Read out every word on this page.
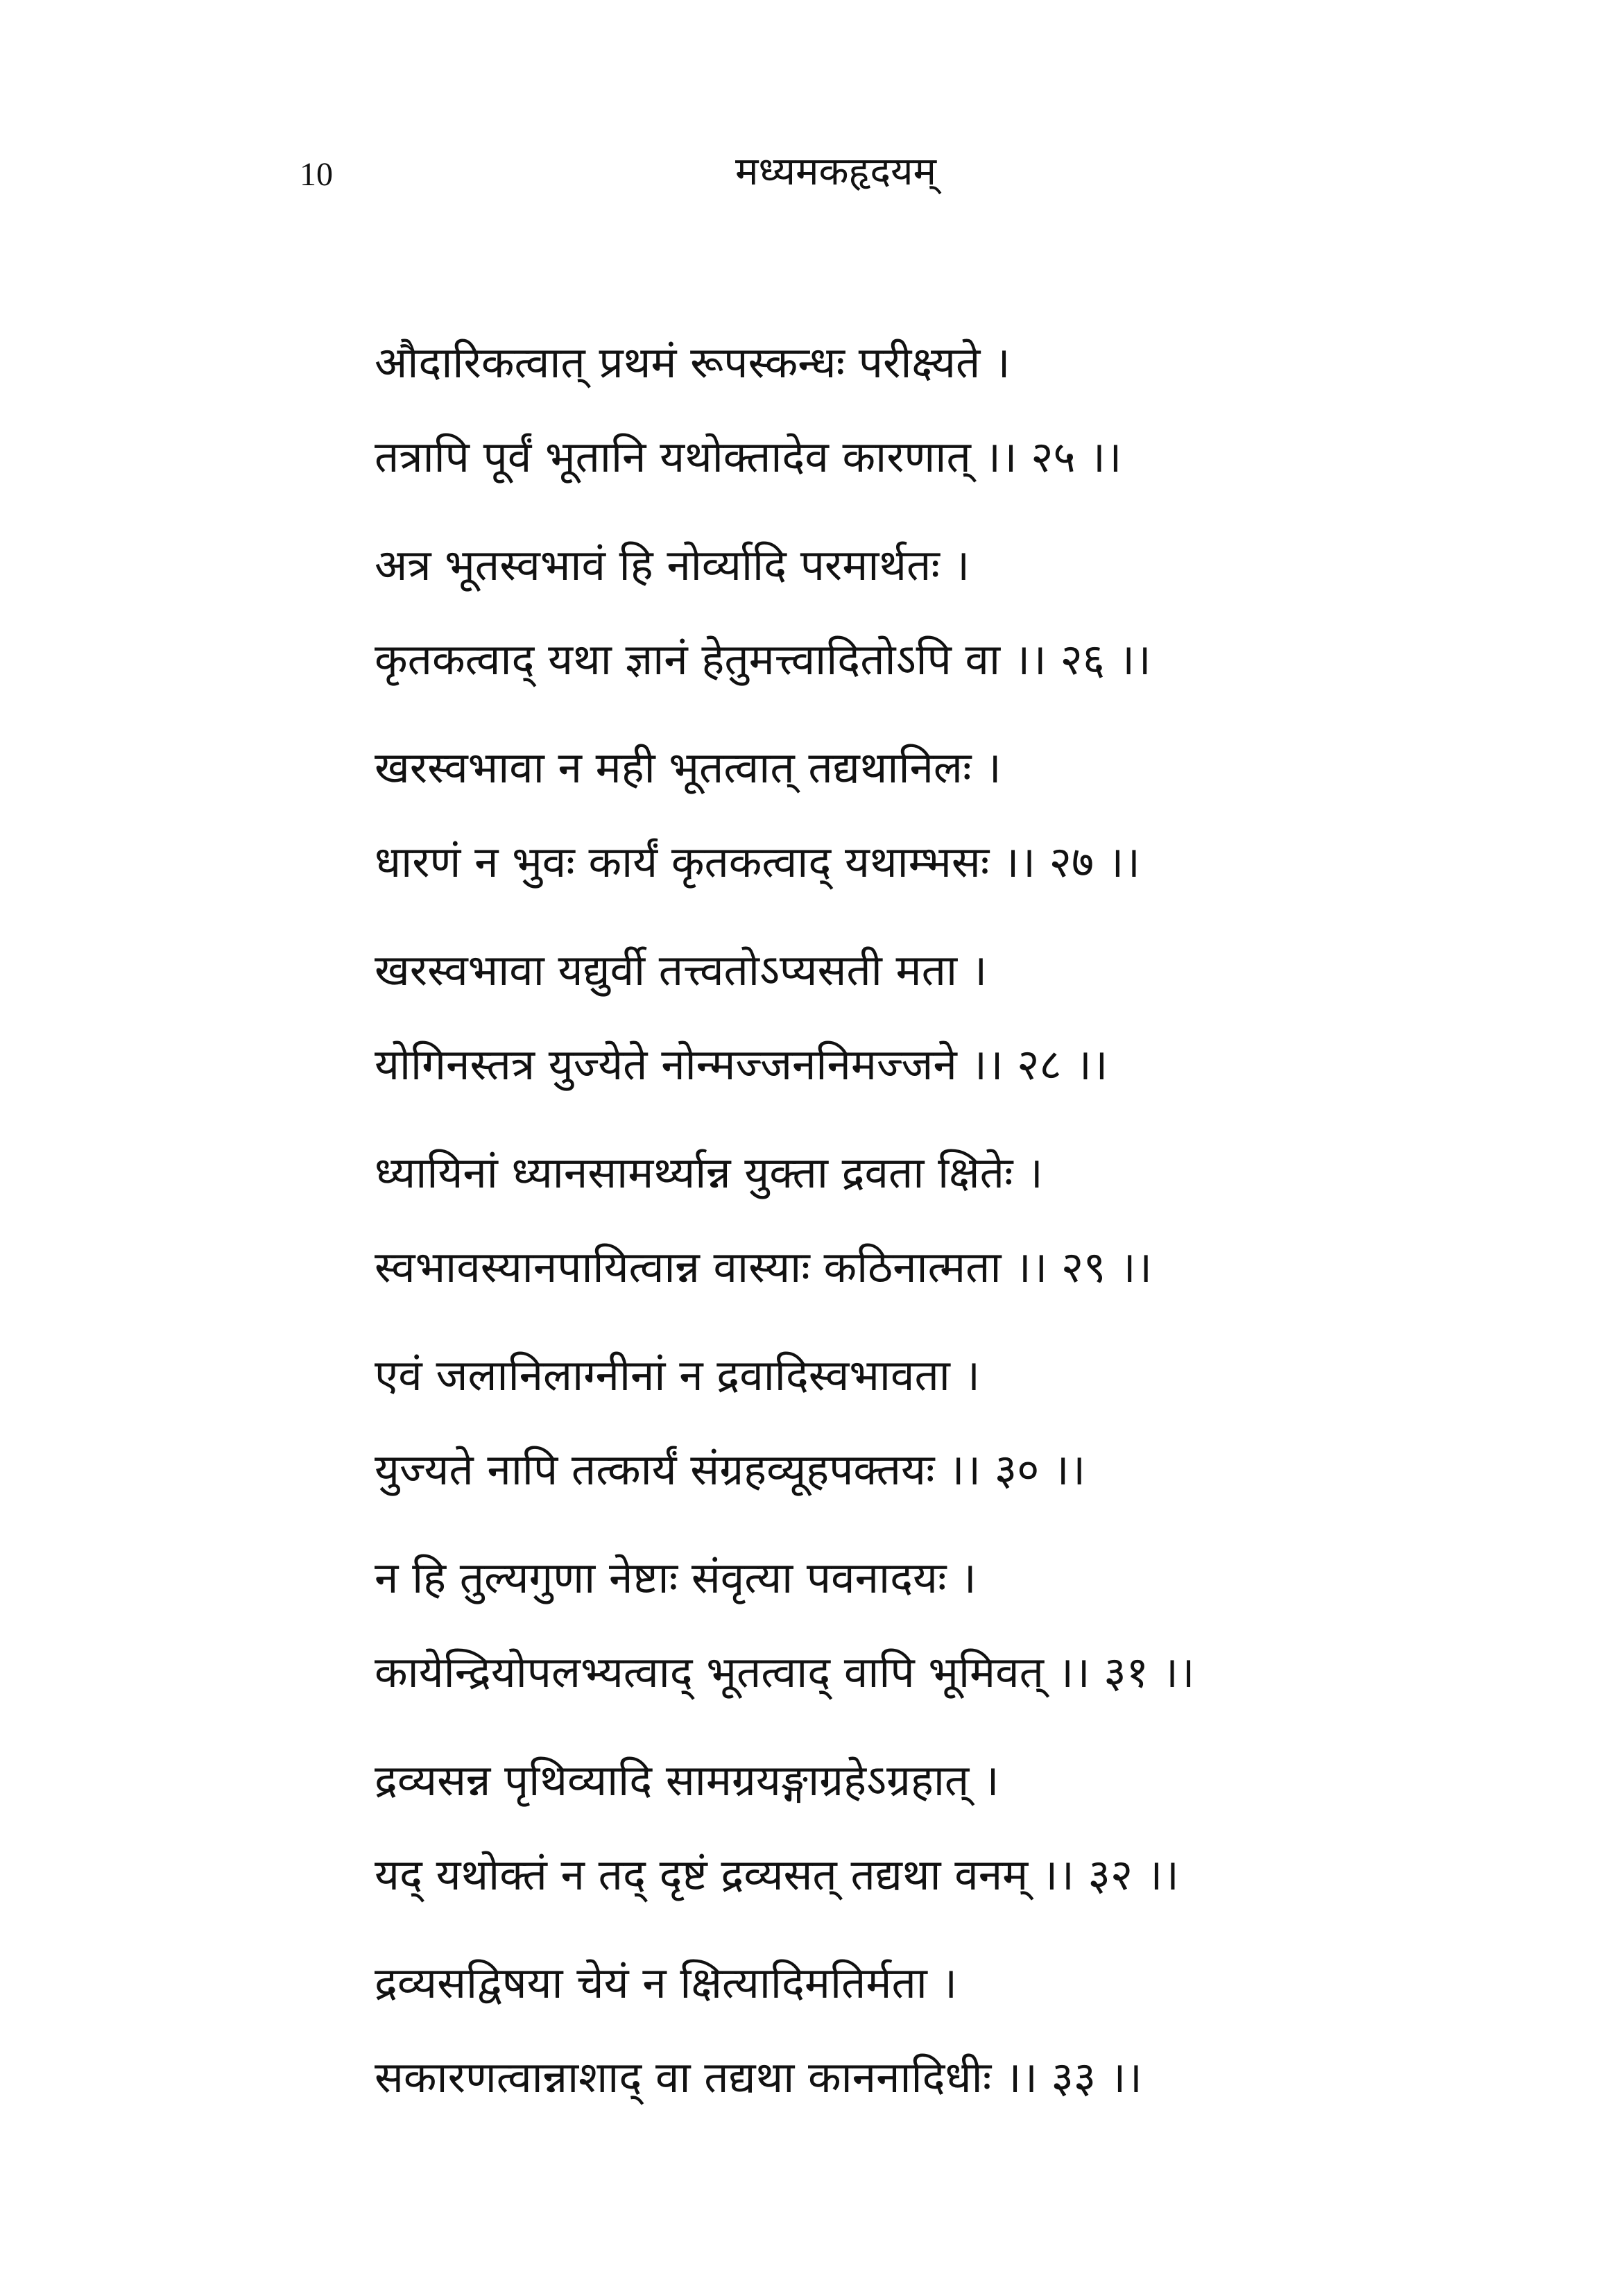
10	मध्यमकहृदयम्
औदारिकत्वात् प्रथमं रूपस्कन्धः परीक्ष्यते ।
तत्रापि पूर्वं भूतानि यथोक्तादेव कारणात् ।। २५ ।।
अत्र भूतस्वभावं हि नोर्व्यादि परमार्थतः ।
कृतकत्वाद् यथा ज्ञानं हेतुमत्त्वादितोऽपि वा ।। २६ ।।
खरस्वभावा न मही भूतत्वात् तद्यथानिलः ।
धारणं न भुवः कार्यं कृतकत्वाद् यथाम्भसः ।। २७ ।।
खरस्वभावा यद्युर्वी तत्त्वतोऽप्यसती मता ।
योगिनस्तत्र युज्येते नोन्मज्जननिमज्जने ।। २८ ।।
ध्यायिनां ध्यानसामर्थ्यान्न युक्ता द्रवता क्षितेः ।
स्वभावस्यानपायित्वान्न वास्याः कठिनात्मता ।। २९ ।।
एवं जलानिलाग्नीनां न द्रवादिस्वभावता ।
युज्यते नापि तत्कार्यं संग्रहव्यूहपक्तयः ।। ३० ।।
न हि तुल्यगुणा नेष्टाः संवृत्या पवनादयः ।
कायेन्द्रियोपलभ्यत्वाद् भूतत्वाद् वापि भूमिवत् ।। ३१ ।।
द्रव्यसन्न पृथिव्यादि सामग्रयङ्गाग्रहेऽग्रहात् ।
यद् यथोक्तं न तद् दृष्टं द्रव्यसत् तद्यथा वनम् ।। ३२ ।।
द्रव्यसद्विषया चेयं न क्षित्यादिमतिर्मता ।
सकारणत्वान्नाशाद् वा तद्यथा काननादिधीः ।। ३३ ।।
